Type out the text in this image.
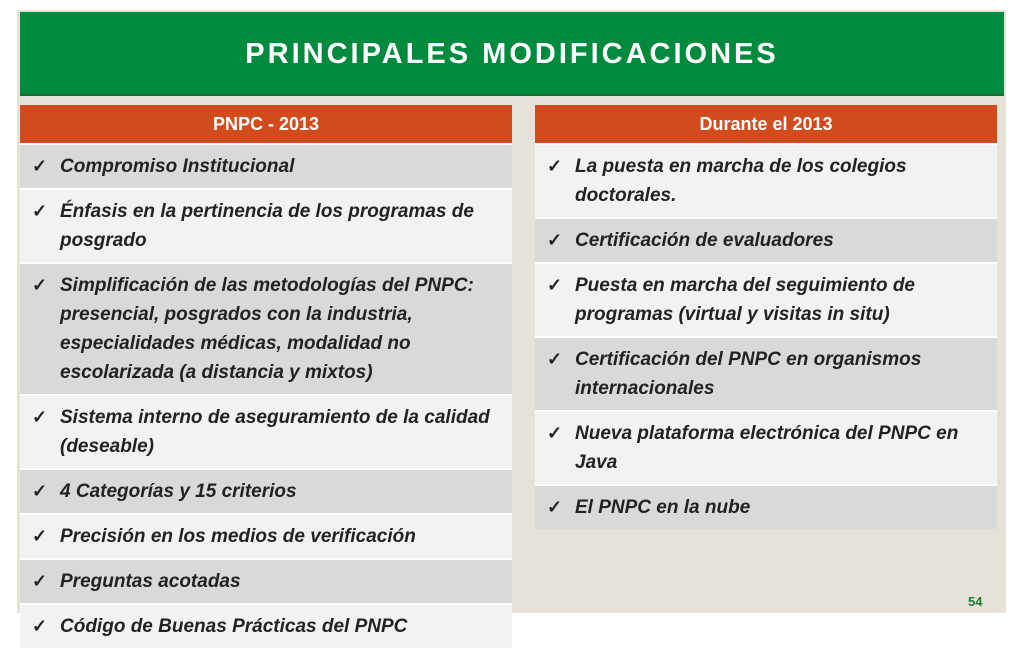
PRINCIPALES MODIFICACIONES
PNPC - 2013
✓ Compromiso Institucional
✓ Énfasis en la pertinencia de los programas de posgrado
✓ Simplificación de las metodologías del PNPC: presencial, posgrados con la industria, especialidades médicas, modalidad no escolarizada (a distancia y mixtos)
✓ Sistema interno de aseguramiento de la calidad (deseable)
✓ 4 Categorías y 15 criterios
✓ Precisión en los medios de verificación
✓ Preguntas acotadas
✓ Código de Buenas Prácticas del PNPC
Durante el 2013
✓ La puesta en marcha de los colegios doctorales.
✓ Certificación de evaluadores
✓ Puesta en marcha del seguimiento de programas (virtual y visitas in situ)
✓ Certificación del PNPC en organismos internacionales
✓ Nueva plataforma electrónica del PNPC en Java
✓ El PNPC en la nube
54
